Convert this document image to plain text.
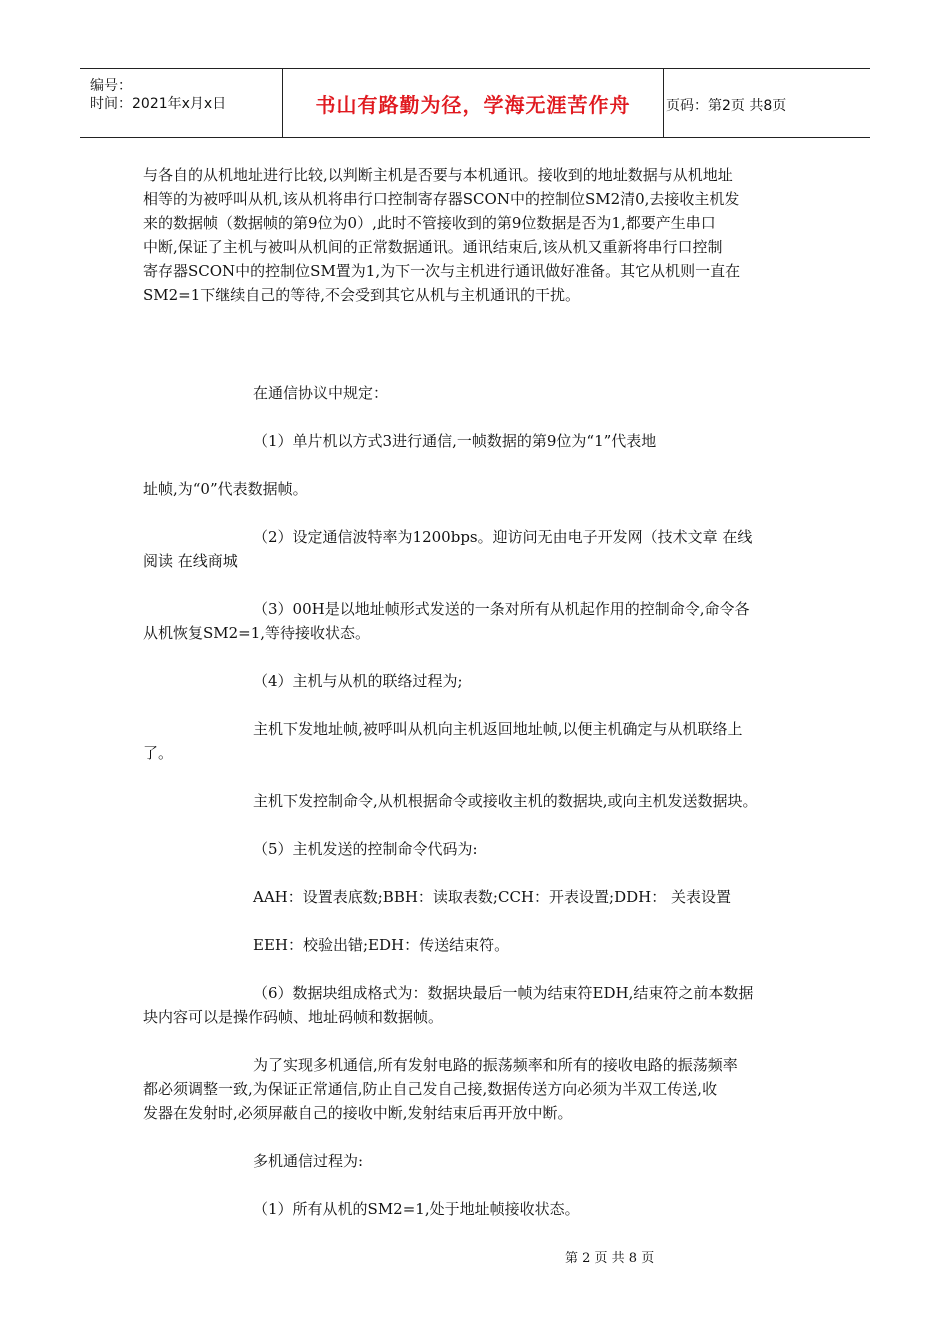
编号：
时间：2021年x月x日	书山有路勤为径，学海无涯苦作舟	页码：第2页 共8页
与各自的从机地址进行比较,以判断主机是否要与本机通讯。接收到的地址数据与从机地址
相等的为被呼叫从机,该从机将串行口控制寄存器SCON中的控制位SM2清0,去接收主机发
来的数据帧（数据帧的第9位为0）,此时不管接收到的第9位数据是否为1,都要产生串口
中断,保证了主机与被叫从机间的正常数据通讯。通讯结束后,该从机又重新将串行口控制
寄存器SCON中的控制位SM置为1,为下一次与主机进行通讯做好准备。其它从机则一直在
SM2=1下继续自己的等待,不会受到其它从机与主机通讯的干扰。
在通信协议中规定：
（1）单片机以方式3进行通信,一帧数据的第9位为“1”代表地
址帧,为“0”代表数据帧。
（2）设定通信波特率为1200bps。迎访问无由电子开发网（技术文章 在线
阅读 在线商城
（3）00H是以地址帧形式发送的一条对所有从机起作用的控制命令,命令各
从机恢复SM2=1,等待接收状态。
（4）主机与从机的联络过程为;
主机下发地址帧,被呼叫从机向主机返回地址帧,以便主机确定与从机联络上
了。
主机下发控制命令,从机根据命令或接收主机的数据块,或向主机发送数据块。
（5）主机发送的控制命令代码为:
AAH：设置表底数;BBH：读取表数;CCH：开表设置;DDH： 关表设置
EEH：校验出错;EDH：传送结束符。
（6）数据块组成格式为：数据块最后一帧为结束符EDH,结束符之前本数据
块内容可以是操作码帧、地址码帧和数据帧。
为了实现多机通信,所有发射电路的振荡频率和所有的接收电路的振荡频率
都必须调整一致,为保证正常通信,防止自己发自己接,数据传送方向必须为半双工传送,收
发器在发射时,必须屏蔽自己的接收中断,发射结束后再开放中断。
多机通信过程为:
（1）所有从机的SM2=1,处于地址帧接收状态。
第 2 页 共 8 页
